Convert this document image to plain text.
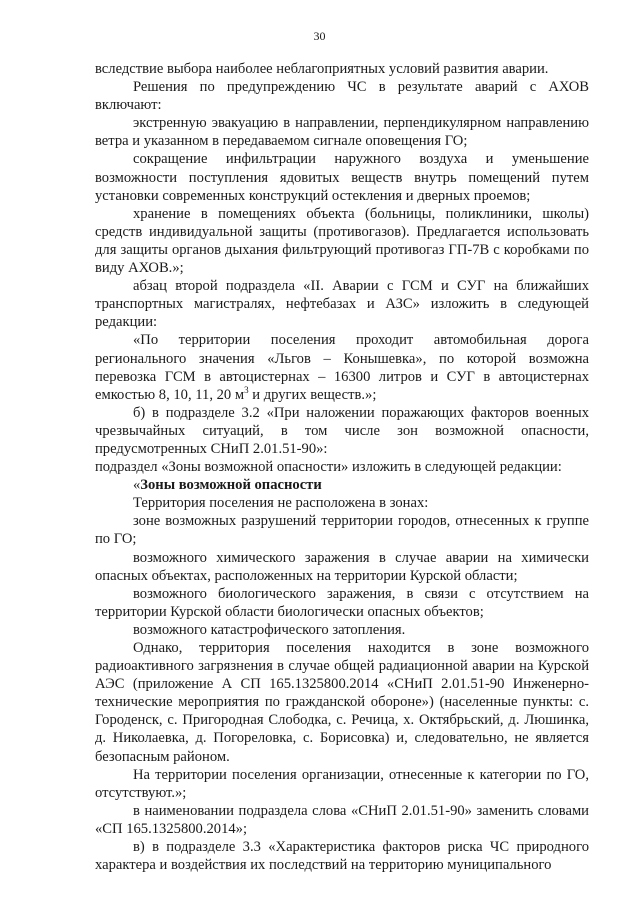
30

вследствие выбора наиболее неблагоприятных условий развития аварии.

Решения по предупреждению ЧС в результате аварий с АХОВ включают:

экстренную эвакуацию в направлении, перпендикулярном направлению ветра и указанном в передаваемом сигнале оповещения ГО;

сокращение инфильтрации наружного воздуха и уменьшение возможности поступления ядовитых веществ внутрь помещений путем установки современных конструкций остекления и дверных проемов;

хранение в помещениях объекта (больницы, поликлиники, школы) средств индивидуальной защиты (противогазов). Предлагается использовать для защиты органов дыхания фильтрующий противогаз ГП-7В с коробками по виду АХОВ.»;

абзац второй подраздела «II. Аварии с ГСМ и СУГ на ближайших транспортных магистралях, нефтебазах и АЗС» изложить в следующей редакции:

«По территории поселения проходит автомобильная дорога регионального значения «Льгов – Конышевка», по которой возможна перевозка ГСМ в автоцистернах – 16300 литров и СУГ в автоцистернах емкостью 8, 10, 11, 20 $м^3$ и других веществ.»;

б) в подразделе 3.2 «При наложении поражающих факторов военных чрезвычайных ситуаций, в том числе зон возможной опасности, предусмотренных СНиП 2.01.51-90»:

подраздел «Зоны возможной опасности» изложить в следующей редакции:

«Зоны возможной опасности

Территория поселения не расположена в зонах:

зоне возможных разрушений территории городов, отнесенных к группе по ГО;

возможного химического заражения в случае аварии на химически опасных объектах, расположенных на территории Курской области;

возможного биологического заражения, в связи с отсутствием на территории Курской области биологически опасных объектов;

возможного катастрофического затопления.

Однако, территория поселения находится в зоне возможного радиоактивного загрязнения в случае общей радиационной аварии на Курской АЭС (приложение А СП 165.1325800.2014 «СНиП 2.01.51-90 Инженерно-технические мероприятия по гражданской обороне») (населенные пункты: с. Городенск, с. Пригородная Слободка, с. Речица, х. Октябрьский, д. Люшинка, д. Николаевка, д. Погореловка, с. Борисовка) и, следовательно, не является безопасным районом.

На территории поселения организации, отнесенные к категории по ГО, отсутствуют.»;

в наименовании подраздела слова «СНиП 2.01.51-90» заменить словами «СП 165.1325800.2014»;

в) в подразделе 3.3 «Характеристика факторов риска ЧС природного характера и воздействия их последствий на территорию муниципального
